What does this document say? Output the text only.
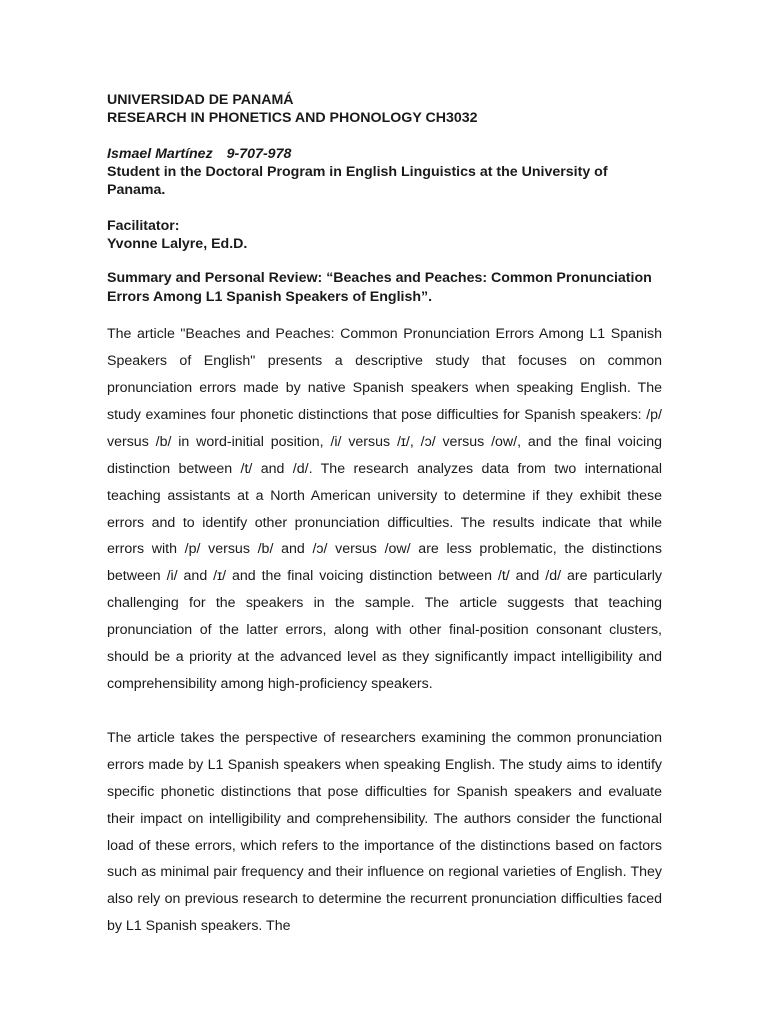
UNIVERSIDAD DE PANAMÁ

RESEARCH IN PHONETICS AND PHONOLOGY CH3032

Ismael Martínez 9-707-978

Student in the Doctoral Program in English Linguistics at the University of Panama.

Facilitator:

Yvonne Lalyre, Ed.D.

Summary and Personal Review: “Beaches and Peaches: Common Pronunciation Errors Among L1 Spanish Speakers of English”.

The article "Beaches and Peaches: Common Pronunciation Errors Among L1 Spanish Speakers of English" presents a descriptive study that focuses on common pronunciation errors made by native Spanish speakers when speaking English. The study examines four phonetic distinctions that pose difficulties for Spanish speakers: /p/ versus /b/ in word-initial position, /i/ versus /ɪ/, /ɔ/ versus /ow/, and the final voicing distinction between /t/ and /d/. The research analyzes data from two international teaching assistants at a North American university to determine if they exhibit these errors and to identify other pronunciation difficulties. The results indicate that while errors with /p/ versus /b/ and /ɔ/ versus /ow/ are less problematic, the distinctions between /i/ and /ɪ/ and the final voicing distinction between /t/ and /d/ are particularly challenging for the speakers in the sample. The article suggests that teaching pronunciation of the latter errors, along with other final-position consonant clusters, should be a priority at the advanced level as they significantly impact intelligibility and comprehensibility among high-proficiency speakers.

The article takes the perspective of researchers examining the common pronunciation errors made by L1 Spanish speakers when speaking English. The study aims to identify specific phonetic distinctions that pose difficulties for Spanish speakers and evaluate their impact on intelligibility and comprehensibility. The authors consider the functional load of these errors, which refers to the importance of the distinctions based on factors such as minimal pair frequency and their influence on regional varieties of English. They also rely on previous research to determine the recurrent pronunciation difficulties faced by L1 Spanish speakers. The
